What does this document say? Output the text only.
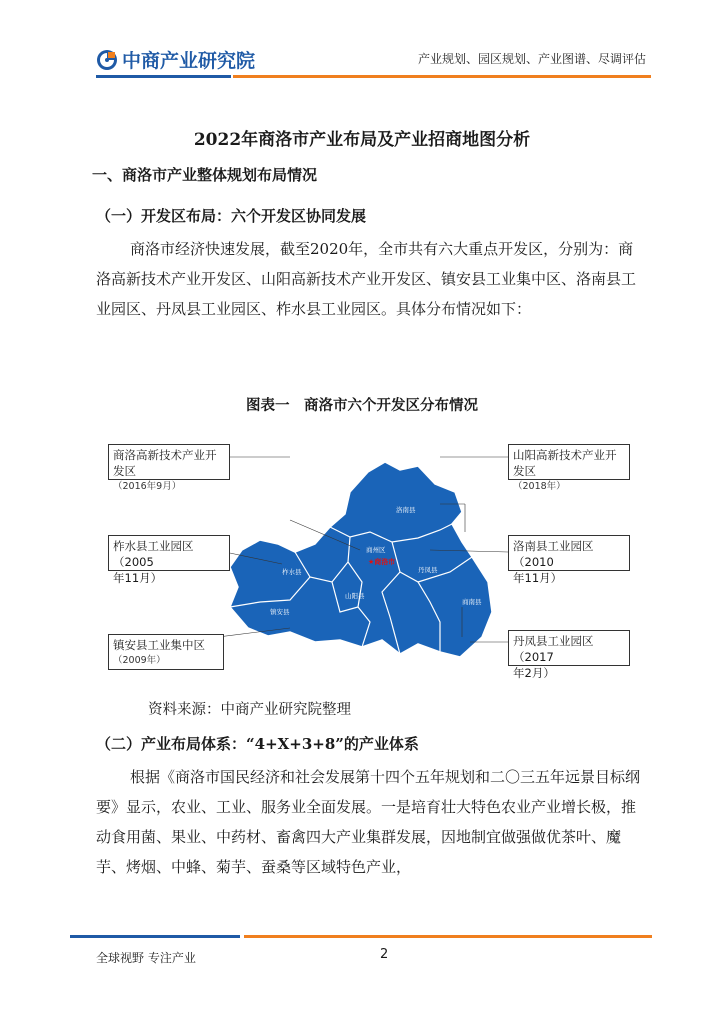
中商产业研究院	产业规划、园区规划、产业图谱、尽调评估
2022年商洛市产业布局及产业招商地图分析
一、商洛市产业整体规划布局情况
（一）开发区布局：六个开发区协同发展

商洛市经济快速发展，截至2020年，全市共有六大重点开发区，分别为：商洛高新技术产业开发区、山阳高新技术产业开发区、镇安县工业集中区、洛南县工业园区、丹凤县工业园区、柞水县工业园区。具体分布情况如下：

图表一　商洛市六个开发区分布情况
洛南县
商州区
丹凤县
柞水县
山阳县
商南县
镇安县
★商洛市
商洛高新技术产业开发区
（2016年9月）
柞水县工业园区（2005
年11月）
镇安县工业集中区
（2009年）
山阳高新技术产业开发区
（2018年）
洛南县工业园区（2010
年11月）
丹凤县工业园区（2017
年2月）
资料来源：中商产业研究院整理
（二）产业布局体系：“4+X+3+8”的产业体系

根据《商洛市国民经济和社会发展第十四个五年规划和二〇三五年远景目标纲要》显示，农业、工业、服务业全面发展。一是培育壮大特色农业产业增长极，推动食用菌、果业、中药材、畜禽四大产业集群发展，因地制宜做强做优茶叶、魔芋、烤烟、中蜂、菊芋、蚕桑等区域特色产业，

全球视野 专注产业	2
